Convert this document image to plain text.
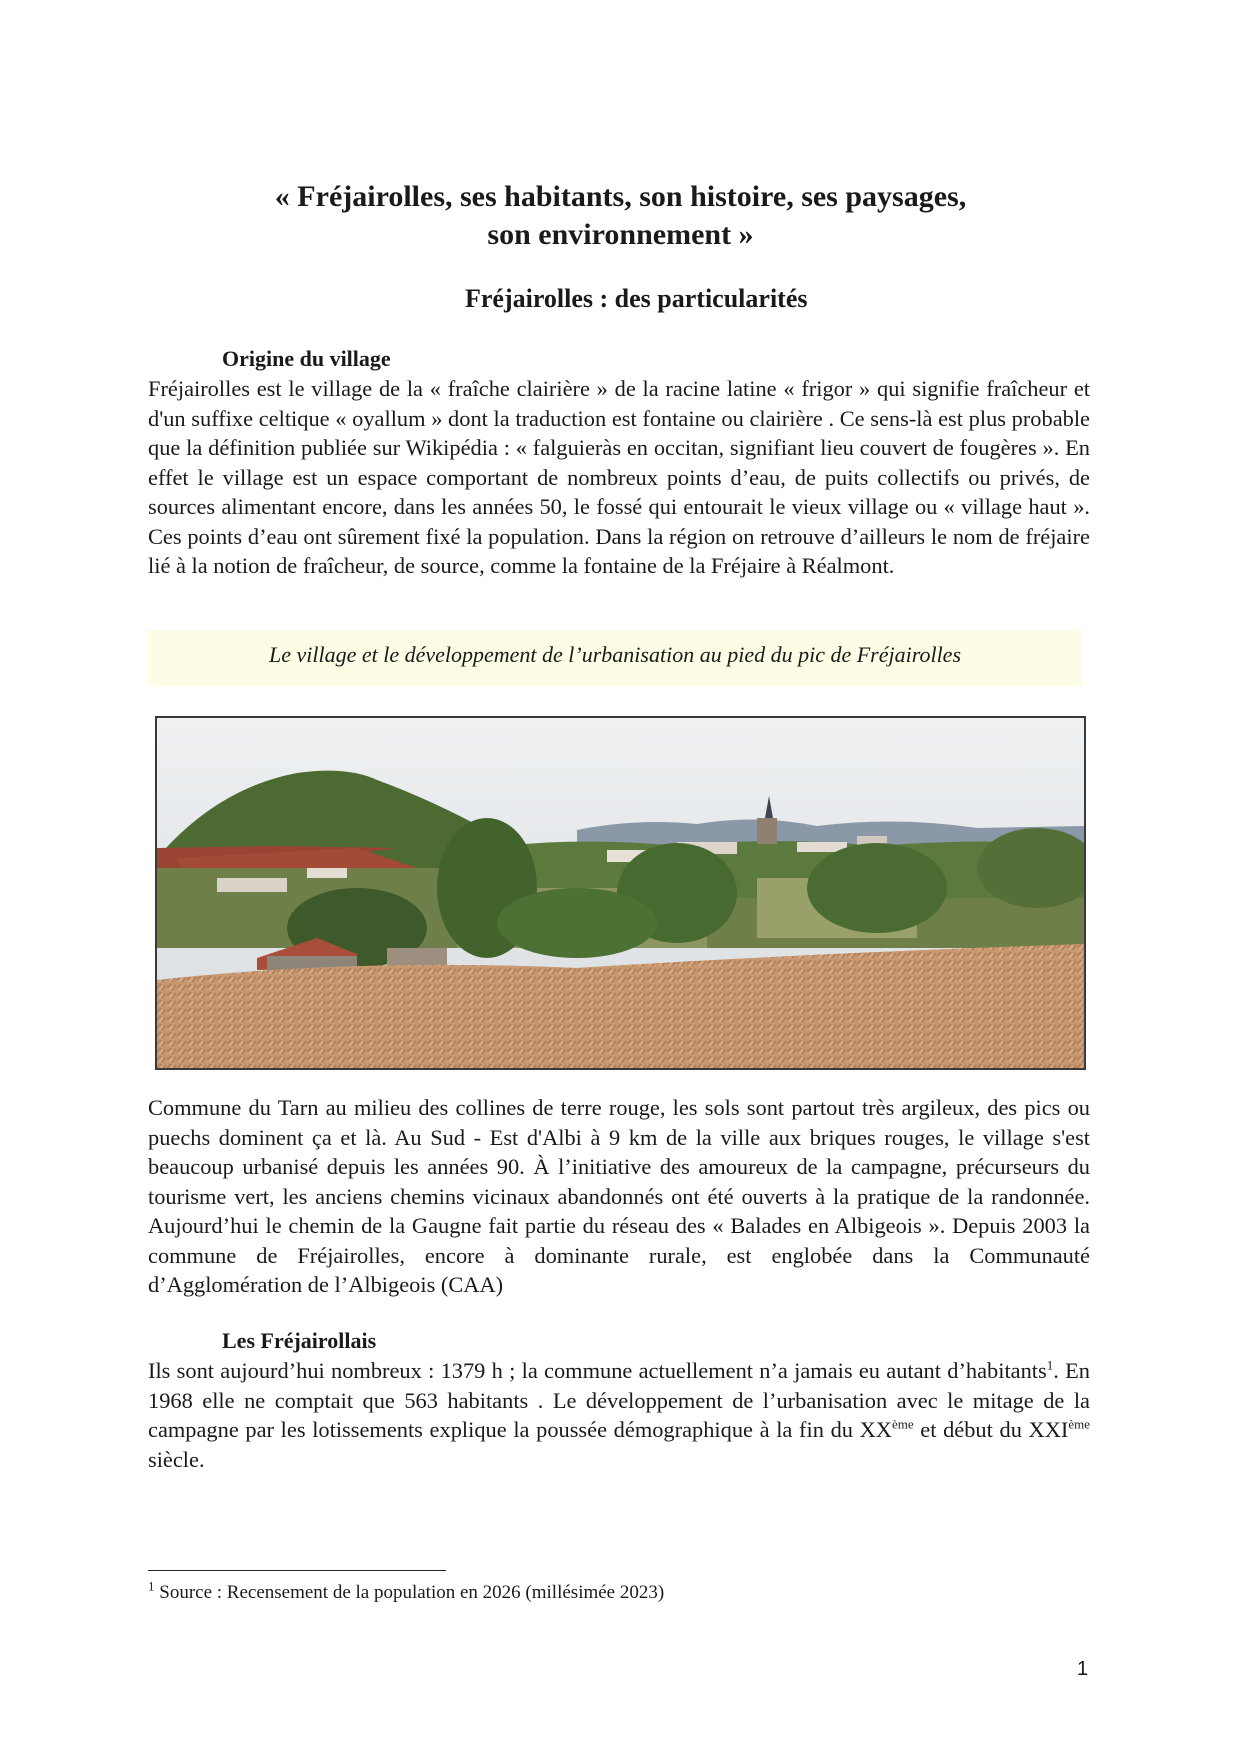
« Fréjairolles, ses habitants, son histoire, ses paysages,
son environnement »
Fréjairolles : des particularités
Origine du village

Fréjairolles est le village de la « fraîche clairière » de la racine latine « frigor » qui signifie fraîcheur et d'un suffixe celtique « oyallum » dont la traduction est fontaine ou clairière . Ce sens-là est plus probable que la définition publiée sur Wikipédia : « falguieràs en occitan, signifiant lieu couvert de fougères ». En effet le village est un espace comportant de nombreux points d’eau, de puits collectifs ou privés, de sources alimentant encore, dans les années 50, le fossé qui entourait le vieux village ou « village haut ». Ces points d’eau ont sûrement fixé la population. Dans la région on retrouve d’ailleurs le nom de fréjaire lié à la notion de fraîcheur, de source, comme la fontaine de la Fréjaire à Réalmont.

Le village et le développement de l’urbanisation au pied du pic de Fréjairolles

Commune du Tarn au milieu des collines de terre rouge, les sols sont partout très argileux, des pics ou puechs dominent ça et là. Au Sud - Est d'Albi à 9 km de la ville aux briques rouges, le village s'est beaucoup urbanisé depuis les années 90. À l’initiative des amoureux de la campagne, précurseurs du tourisme vert, les anciens chemins vicinaux abandonnés ont été ouverts à la pratique de la randonnée. Aujourd’hui le chemin de la Gaugne fait partie du réseau des « Balades en Albigeois ». Depuis 2003 la commune de Fréjairolles, encore à dominante rurale, est englobée dans la Communauté d’Agglomération de l’Albigeois (CAA)

Les Fréjairollais

Ils sont aujourd’hui nombreux : 1379 h ; la commune actuellement n’a jamais eu autant d’habitants$^1$. En 1968 elle ne comptait que 563 habitants . Le développement de l’urbanisation avec le mitage de la campagne par les lotissements explique la poussée démographique à la fin du XXème et début du XXIème siècle.

$^1$ Source : Recensement de la population en 2026 (millésimée 2023)
1
